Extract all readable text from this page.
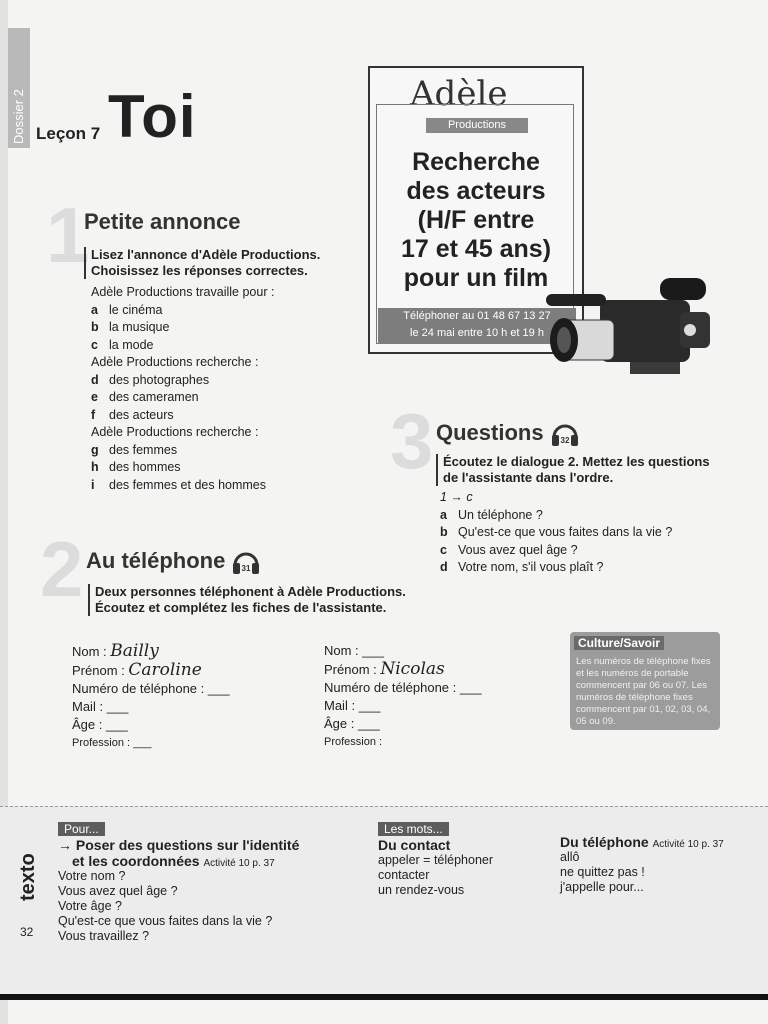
Dossier 2 Leçon 7 Toi
1
Petite annonce
Lisez l'annonce d'Adèle Productions.
Choisissez les réponses correctes.
Adèle Productions travaille pour :
a le cinéma
b la musique
c la mode
Adèle Productions recherche :
d des photographes
e des cameramen
f des acteurs
Adèle Productions recherche :
g des femmes
h des hommes
i des femmes et des hommes
Adèle
Productions
Recherche
des acteurs
(H/F entre
17 et 45 ans)
pour un film
Téléphoner au 01 48 67 13 27
le 24 mai entre 10 h et 19 h
3 Questions 32
Écoutez le dialogue 2. Mettez les questions
de l'assistante dans l'ordre.
1 → c
a Un téléphone ?
b Qu'est-ce que vous faites dans la vie ?
c Vous avez quel âge ?
d Votre nom, s'il vous plaît ?
2 Au téléphone 31
Deux personnes téléphonent à Adèle Productions.
Écoutez et complétez les fiches de l'assistante.
Nom : Bailly
Prénom : Caroline
Numéro de téléphone : ___
Mail : ___
Âge : ___
Profession : ___
Nom : ___
Prénom : Nicolas
Numéro de téléphone : ___
Mail : ___
Âge : ___
Profession :
Culture/Savoir
Les numéros de téléphone fixes et les numéros de portable commencent par 06 ou 07. Les numéros de téléphone fixes commencent par 01, 02, 03, 04, 05 ou 09.
texto
32
Pour...
→ Poser des questions sur l'identité
et les coordonnées Activité 10 p. 37
Votre nom ?
Vous avez quel âge ?
Votre âge ?
Qu'est-ce que vous faites dans la vie ?
Vous travaillez ?
Les mots...
Du contact
appeler = téléphoner
contacter
un rendez-vous
Du téléphone Activité 10 p. 37
allô
ne quittez pas !
j'appelle pour...
